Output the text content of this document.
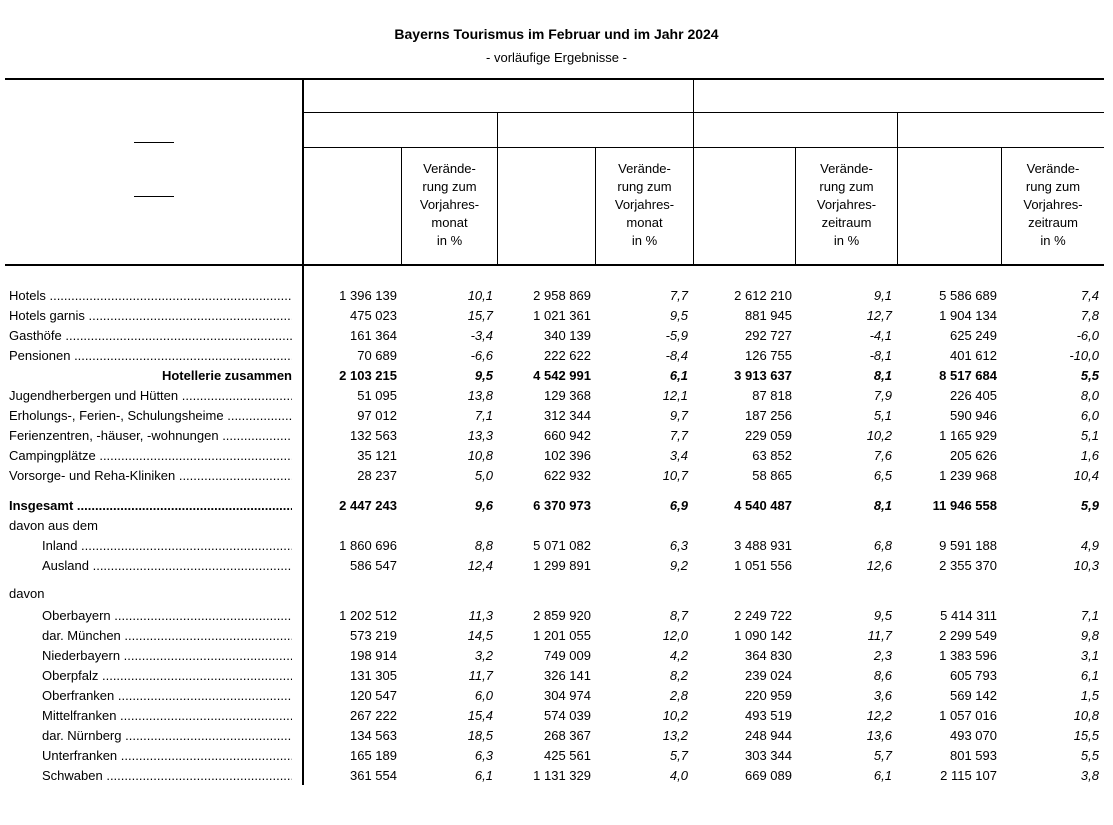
Bayerns Tourismus im Februar und im Jahr 2024
- vorläufige Ergebnisse -
Verände-
rung zum
Vorjahres-
monat
in %
Verände-
rung zum
Vorjahres-
monat
in %
Verände-
rung zum
Vorjahres-
zeitraum
in %
Verände-
rung zum
Vorjahres-
zeitraum
in %
Hotels .....	1 396 139	10,1	2 958 869	7,7	2 612 210	9,1	5 586 689	7,4
Hotels garnis .....	475 023	15,7	1 021 361	9,5	881 945	12,7	1 904 134	7,8
Gasthöfe .....	161 364	-3,4	340 139	-5,9	292 727	-4,1	625 249	-6,0
Pensionen .....	70 689	-6,6	222 622	-8,4	126 755	-8,1	401 612	-10,0
Hotellerie zusammen	2 103 215	9,5	4 542 991	6,1	3 913 637	8,1	8 517 684	5,5
Jugendherbergen und Hütten .....	51 095	13,8	129 368	12,1	87 818	7,9	226 405	8,0
Erholungs-, Ferien-, Schulungsheime .....	97 012	7,1	312 344	9,7	187 256	5,1	590 946	6,0
Ferienzentren, -häuser, -wohnungen .....	132 563	13,3	660 942	7,7	229 059	10,2	1 165 929	5,1
Campingplätze .....	35 121	10,8	102 396	3,4	63 852	7,6	205 626	1,6
Vorsorge- und Reha-Kliniken .....	28 237	5,0	622 932	10,7	58 865	6,5	1 239 968	10,4
Insgesamt .....	2 447 243	9,6	6 370 973	6,9	4 540 487	8,1	11 946 558	5,9
davon aus dem
Inland .....	1 860 696	8,8	5 071 082	6,3	3 488 931	6,8	9 591 188	4,9
Ausland .....	586 547	12,4	1 299 891	9,2	1 051 556	12,6	2 355 370	10,3
davon
Oberbayern .....	1 202 512	11,3	2 859 920	8,7	2 249 722	9,5	5 414 311	7,1
dar. München .....	573 219	14,5	1 201 055	12,0	1 090 142	11,7	2 299 549	9,8
Niederbayern .....	198 914	3,2	749 009	4,2	364 830	2,3	1 383 596	3,1
Oberpfalz .....	131 305	11,7	326 141	8,2	239 024	8,6	605 793	6,1
Oberfranken .....	120 547	6,0	304 974	2,8	220 959	3,6	569 142	1,5
Mittelfranken .....	267 222	15,4	574 039	10,2	493 519	12,2	1 057 016	10,8
dar. Nürnberg .....	134 563	18,5	268 367	13,2	248 944	13,6	493 070	15,5
Unterfranken .....	165 189	6,3	425 561	5,7	303 344	5,7	801 593	5,5
Schwaben .....	361 554	6,1	1 131 329	4,0	669 089	6,1	2 115 107	3,8
